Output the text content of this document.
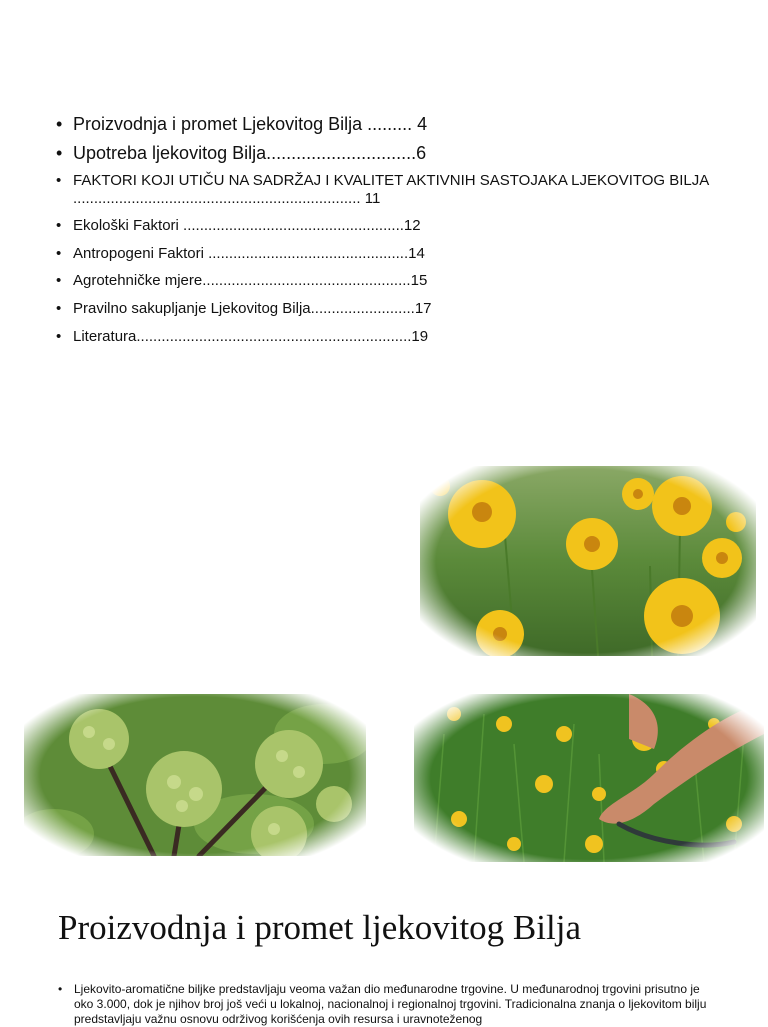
• Proizvodnja i promet Ljekovitog Bilja ......... 4
• Upotreba ljekovitog Bilja..............................6
• FAKTORI KOJI UTIČU NA SADRŽAJ I KVALITET AKTIVNIH SASTOJAKA LJEKOVITOG BILJA ..................................................................... 11
• Ekološki Faktori .....................................................12
• Antropogeni Faktori ................................................14
• Agrotehničke mjere..................................................15
• Pravilno sakupljanje Ljekovitog Bilja.........................17
• Literatura..................................................................19
Proizvodnja i promet ljekovitog Bilja
• Ljekovito-aromatične biljke predstavljaju veoma važan dio međunarodne trgovine. U međunarodnoj trgovini prisutno je oko 3.000, dok je njihov broj još veći u lokalnoj, nacionalnoj i regionalnoj trgovini. Tradicionalna znanja o ljekovitom bilju predstavljaju važnu osnovu održivog korišćenja ovih resursa i uravnoteženog
